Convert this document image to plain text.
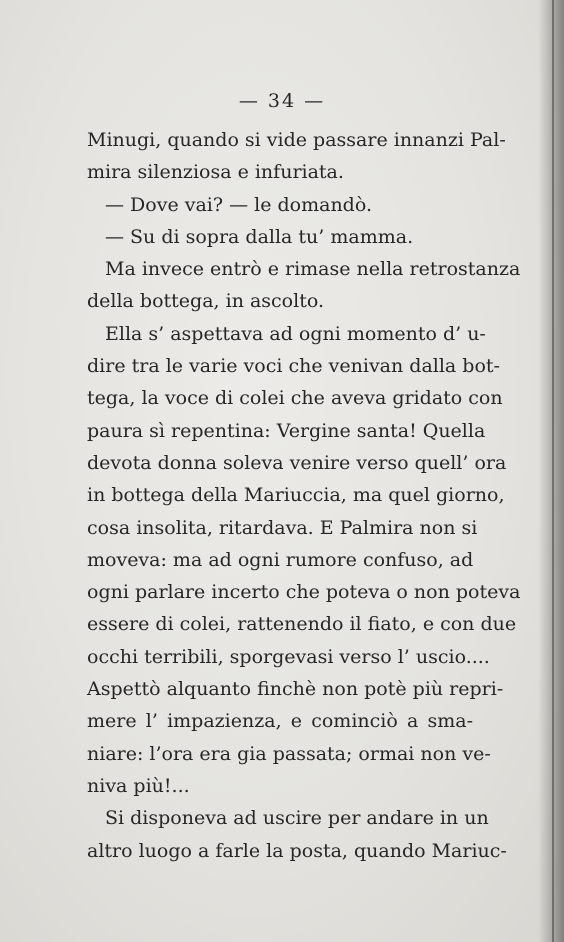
— 34 —
Minugi, quando si vide passare innanzi Pal-
mira silenziosa e infuriata.
— Dove vai? — le domandò.
— Su di sopra dalla tu’ mamma.
Ma invece entrò e rimase nella retrostanza
della bottega, in ascolto.
Ella s’ aspettava ad ogni momento d’ u-
dire tra le varie voci che venivan dalla bot-
tega, la voce di colei che aveva gridato con
paura sì repentina: Vergine santa! Quella
devota donna soleva venire verso quell’ ora
in bottega della Mariuccia, ma quel giorno,
cosa insolita, ritardava. E Palmira non si
moveva: ma ad ogni rumore confuso, ad
ogni parlare incerto che poteva o non poteva
essere di colei, rattenendo il fiato, e con due
occhi terribili, sporgevasi verso l’ uscio....
Aspettò alquanto finchè non potè più repri-
mere l’ impazienza, e cominciò a sma-
niare: l’ora era gia passata; ormai non ve-
niva più!...
Si disponeva ad uscire per andare in un
altro luogo a farle la posta, quando Mariuc-
